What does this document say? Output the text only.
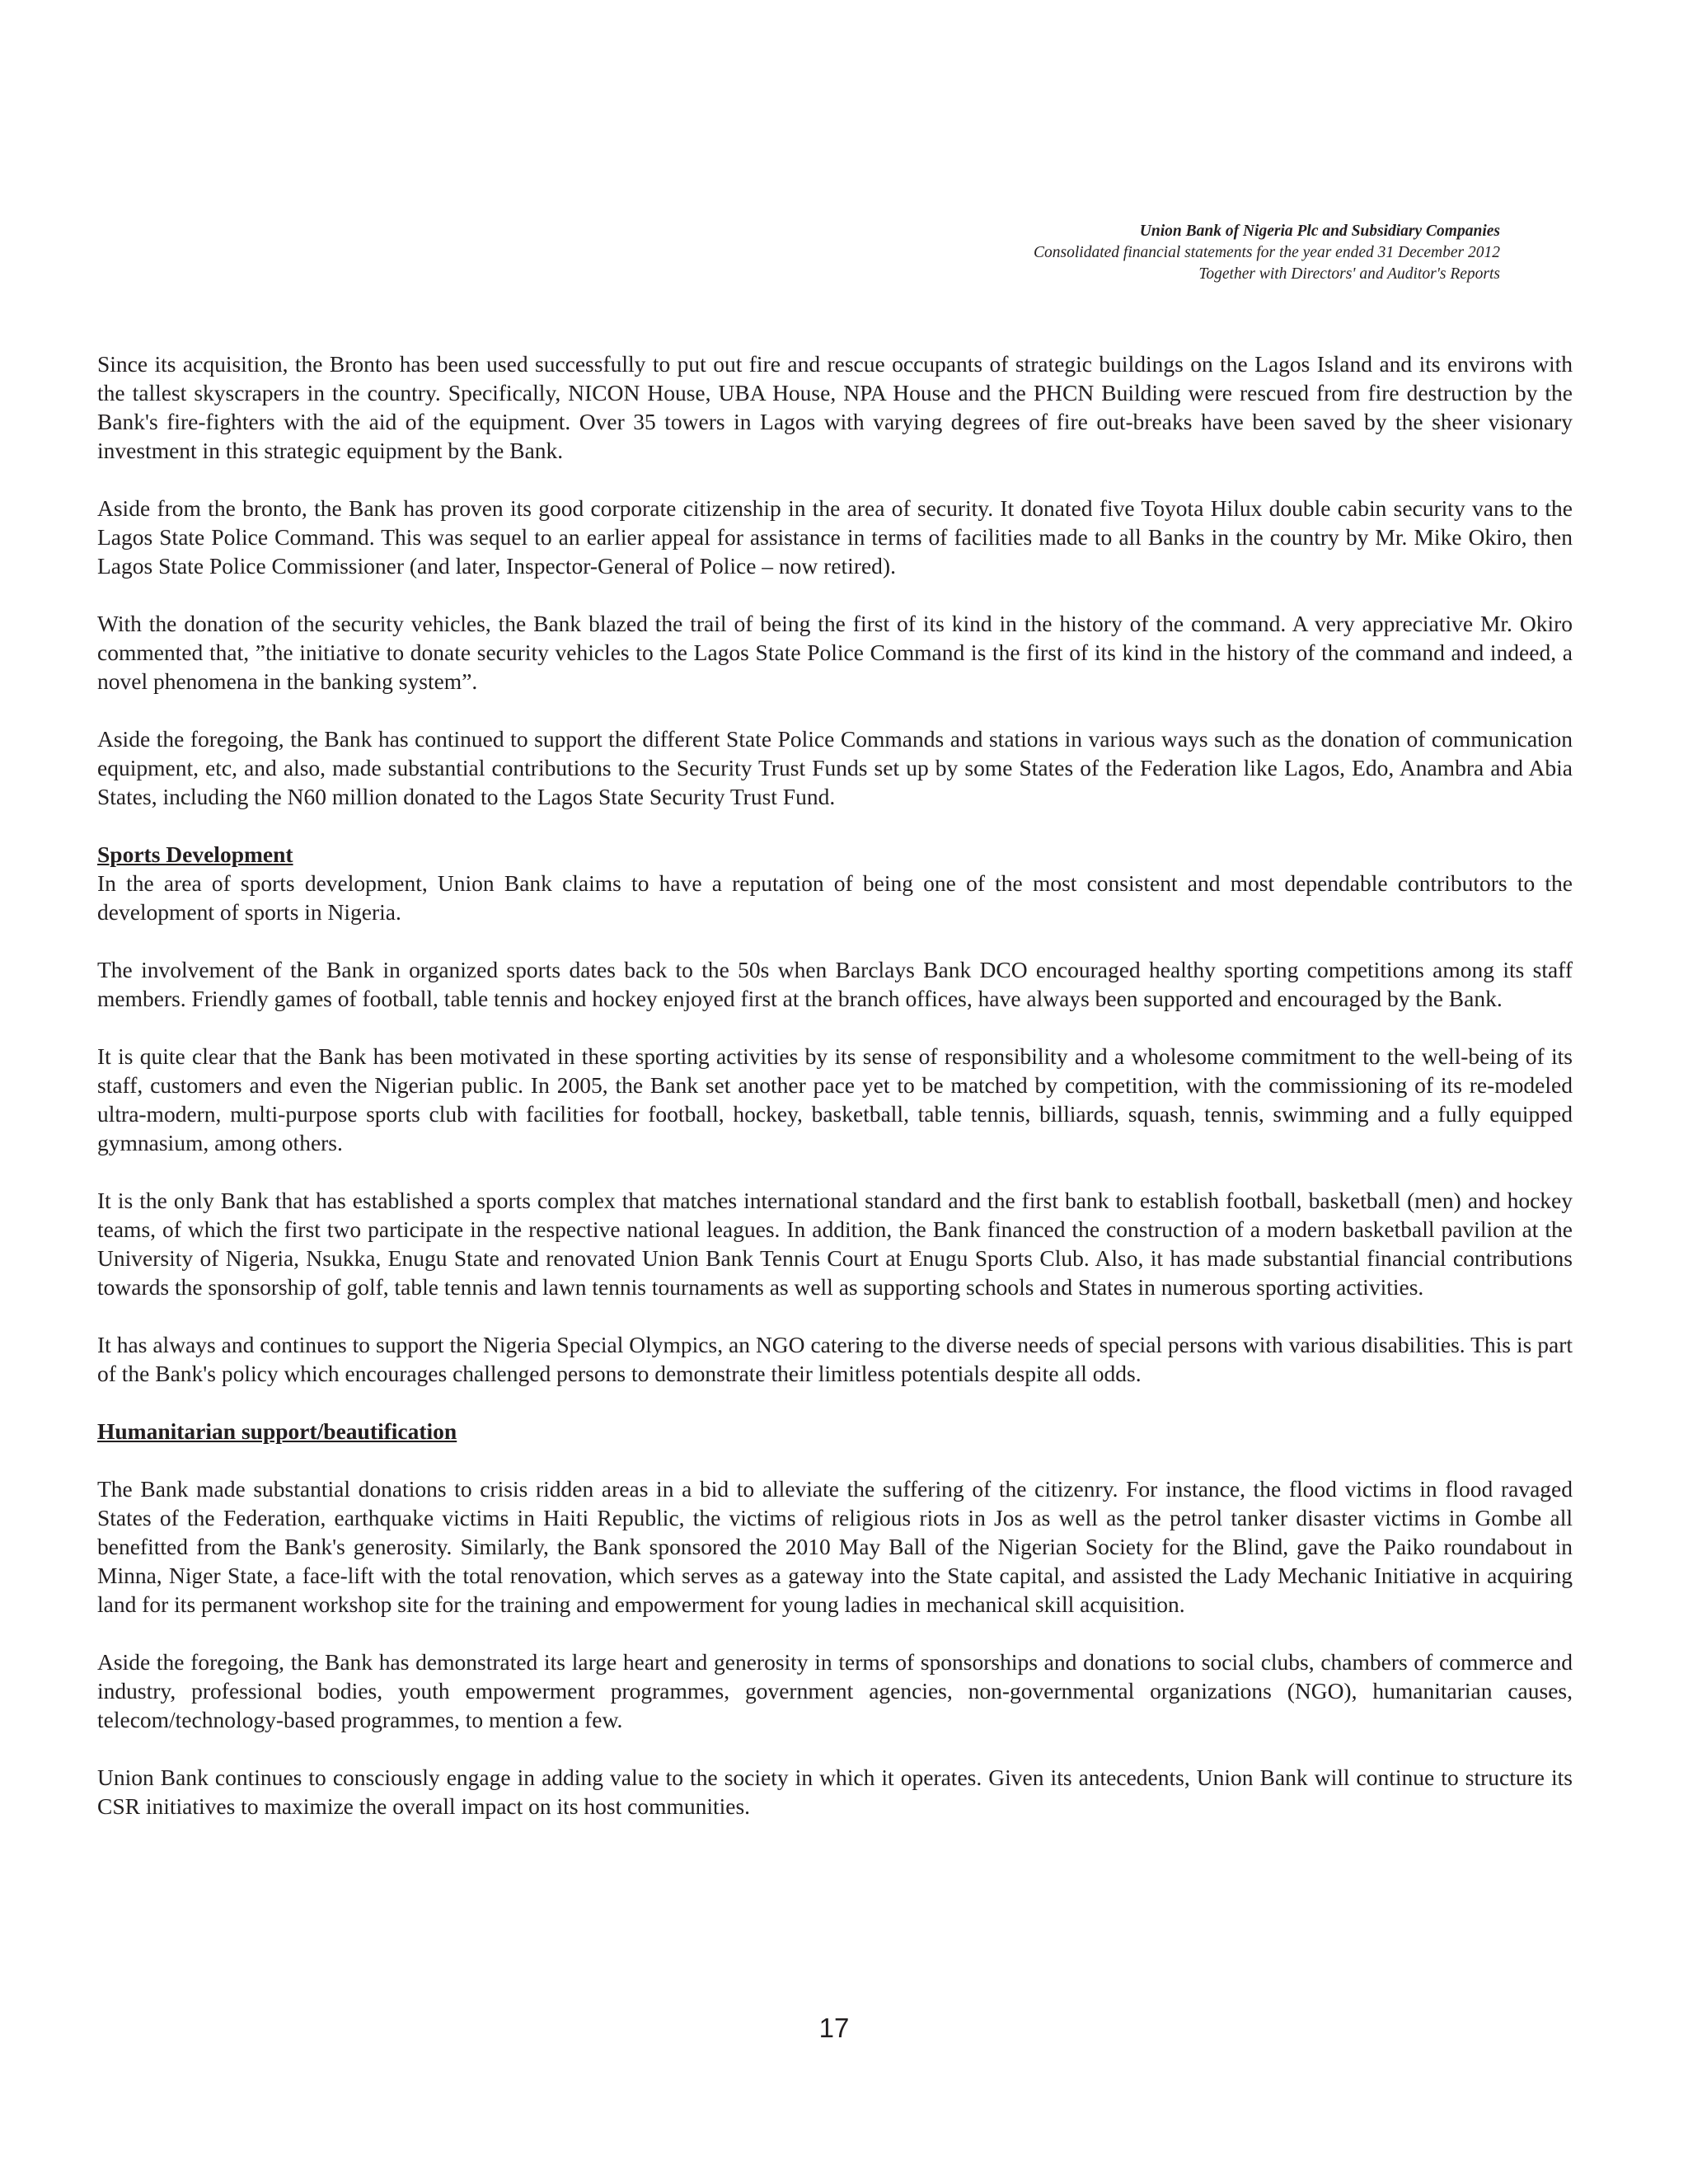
Union Bank of Nigeria Plc and Subsidiary Companies
Consolidated financial statements for the year ended 31 December 2012
Together with Directors' and Auditor's Reports

Since its acquisition, the Bronto has been used successfully to put out fire and rescue occupants of strategic buildings on the Lagos Island and its environs with the tallest skyscrapers in the country. Specifically, NICON House, UBA House, NPA House and the PHCN Building were rescued from fire destruction by the Bank's fire-fighters with the aid of the equipment. Over 35 towers in Lagos with varying degrees of fire out-breaks have been saved by the sheer visionary investment in this strategic equipment by the Bank.

Aside from the bronto, the Bank has proven its good corporate citizenship in the area of security. It donated five Toyota Hilux double cabin security vans to the Lagos State Police Command. This was sequel to an earlier appeal for assistance in terms of facilities made to all Banks in the country by Mr. Mike Okiro, then Lagos State Police Commissioner (and later, Inspector-General of Police – now retired).

With the donation of the security vehicles, the Bank blazed the trail of being the first of its kind in the history of the command. A very appreciative Mr. Okiro commented that, ”the initiative to donate security vehicles to the Lagos State Police Command is the first of its kind in the history of the command and indeed, a novel phenomena in the banking system”.

Aside the foregoing, the Bank has continued to support the different State Police Commands and stations in various ways such as the donation of communication equipment, etc, and also, made substantial contributions to the Security Trust Funds set up by some States of the Federation like Lagos, Edo, Anambra and Abia States, including the N60 million donated to the Lagos State Security Trust Fund.

Sports Development

In the area of sports development, Union Bank claims to have a reputation of being one of the most consistent and most dependable contributors to the development of sports in Nigeria.

The involvement of the Bank in organized sports dates back to the 50s when Barclays Bank DCO encouraged healthy sporting competitions among its staff members. Friendly games of football, table tennis and hockey enjoyed first at the branch offices, have always been supported and encouraged by the Bank.

It is quite clear that the Bank has been motivated in these sporting activities by its sense of responsibility and a wholesome commitment to the well-being of its staff, customers and even the Nigerian public. In 2005, the Bank set another pace yet to be matched by competition, with the commissioning of its re-modeled ultra-modern, multi-purpose sports club with facilities for football, hockey, basketball, table tennis, billiards, squash, tennis, swimming and a fully equipped gymnasium, among others.

It is the only Bank that has established a sports complex that matches international standard and the first bank to establish football, basketball (men) and hockey teams, of which the first two participate in the respective national leagues. In addition, the Bank financed the construction of a modern basketball pavilion at the University of Nigeria, Nsukka, Enugu State and renovated Union Bank Tennis Court at Enugu Sports Club. Also, it has made substantial financial contributions towards the sponsorship of golf, table tennis and lawn tennis tournaments as well as supporting schools and States in numerous sporting activities.

It has always and continues to support the Nigeria Special Olympics, an NGO catering to the diverse needs of special persons with various disabilities. This is part of the Bank's policy which encourages challenged persons to demonstrate their limitless potentials despite all odds.

Humanitarian support/beautification

The Bank made substantial donations to crisis ridden areas in a bid to alleviate the suffering of the citizenry. For instance, the flood victims in flood ravaged States of the Federation, earthquake victims in Haiti Republic, the victims of religious riots in Jos as well as the petrol tanker disaster victims in Gombe all benefitted from the Bank's generosity. Similarly, the Bank sponsored the 2010 May Ball of the Nigerian Society for the Blind, gave the Paiko roundabout in Minna, Niger State, a face-lift with the total renovation, which serves as a gateway into the State capital, and assisted the Lady Mechanic Initiative in acquiring land for its permanent workshop site for the training and empowerment for young ladies in mechanical skill acquisition.

Aside the foregoing, the Bank has demonstrated its large heart and generosity in terms of sponsorships and donations to social clubs, chambers of commerce and industry, professional bodies, youth empowerment programmes, government agencies, non-governmental organizations (NGO), humanitarian causes, telecom/technology-based programmes, to mention a few.

Union Bank continues to consciously engage in adding value to the society in which it operates. Given its antecedents, Union Bank will continue to structure its CSR initiatives to maximize the overall impact on its host communities.

17
